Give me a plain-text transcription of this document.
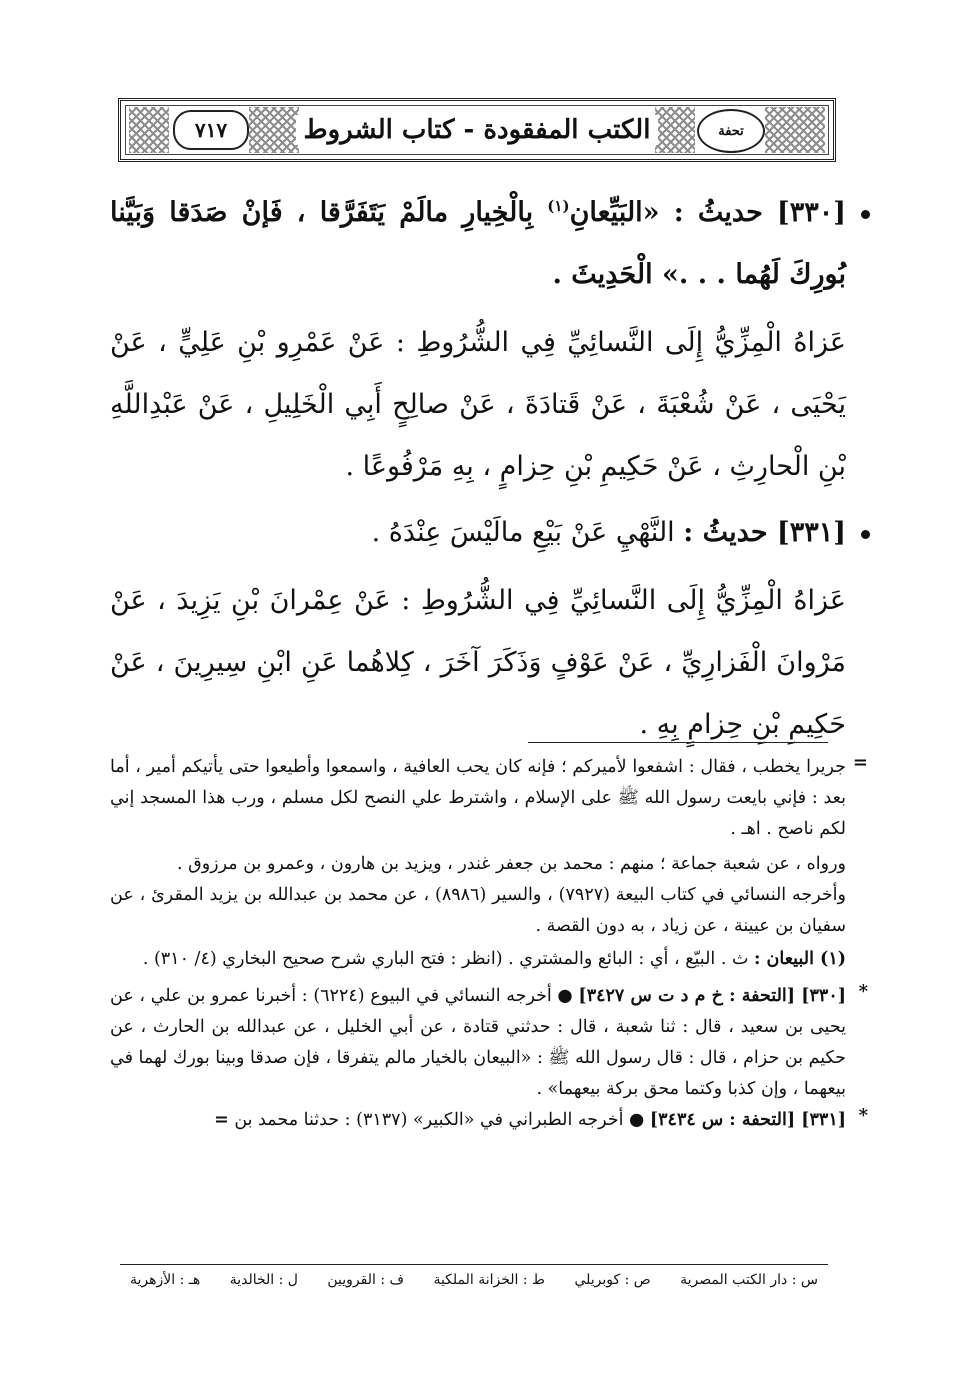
تحفة
الكتب المفقودة - كتاب الشروط
٧١٧

[٣٣٠] حديثُ : «البَيِّعانِ$^{(١)}$ بِالْخِيارِ مالَمْ يَتَفَرَّقا ، فَإنْ صَدَقا وَبَيَّنا بُورِكَ لَهُما . . .» الْحَدِيثَ .

عَزاهُ الْمِزِّيُّ إِلَى النَّسائِيِّ فِي الشُّرُوطِ : عَنْ عَمْرِو بْنِ عَلِيٍّ ، عَنْ يَحْيَى ، عَنْ شُعْبَةَ ، عَنْ قَتادَةَ ، عَنْ صالِحٍ أَبِي الْخَلِيلِ ، عَنْ عَبْدِاللَّهِ بْنِ الْحارِثِ ، عَنْ حَكِيمِ بْنِ حِزامٍ ، بِهِ مَرْفُوعًا .

[٣٣١] حديثُ : النَّهْيِ عَنْ بَيْعِ مالَيْسَ عِنْدَهُ .

عَزاهُ الْمِزِّيُّ إِلَى النَّسائِيِّ فِي الشُّرُوطِ : عَنْ عِمْرانَ بْنِ يَزِيدَ ، عَنْ مَرْوانَ الْفَزارِيِّ ، عَنْ عَوْفٍ وَذَكَرَ آخَرَ ، كِلاهُما عَنِ ابْنِ سِيرِينَ ، عَنْ حَكِيمِ بْنِ حِزامٍ بِهِ .

=

جريرا يخطب ، فقال : اشفعوا لأميركم ؛ فإنه كان يحب العافية ، واسمعوا وأطيعوا حتى يأتيكم أمير ، أما بعد : فإني بايعت رسول الله ﷺ على الإسلام ، واشترط علي النصح لكل مسلم ، ورب هذا المسجد إني لكم ناصح . اهـ .

ورواه ، عن شعبة جماعة ؛ منهم : محمد بن جعفر غندر ، ويزيد بن هارون ، وعمرو بن مرزوق .

وأخرجه النسائي في كتاب البيعة (٧٩٢٧) ، والسير (٨٩٨٦) ، عن محمد بن عبدالله بن يزيد المقرئ ، عن سفيان بن عيينة ، عن زياد ، به دون القصة .

(١) البيعان : ث . البيّع ، أي : البائع والمشتري . (انظر : فتح الباري شرح صحيح البخاري (٤/ ٣١٠) .

*

[٣٣٠] [التحفة : خ م د ت س ٣٤٢٧] ● أخرجه النسائي في البيوع (٦٢٢٤) : أخبرنا عمرو بن علي ، عن يحيى بن سعيد ، قال : ثنا شعبة ، قال : حدثني قتادة ، عن أبي الخليل ، عن عبدالله بن الحارث ، عن حكيم بن حزام ، قال : قال رسول الله ﷺ : «البيعان بالخيار مالم يتفرقا ، فإن صدقا وبينا بورك لهما في بيعهما ، وإن كذبا وكتما محق بركة بيعهما» .

*

[٣٣١] [التحفة : س ٣٤٣٤] ● أخرجه الطبراني في «الكبير» (٣١٣٧) : حدثنا محمد بن =

س : دار الكتب المصرية
ص : كوبريلي
ط : الخزانة الملكية
ف : القرويين
ل : الخالدية
هـ : الأزهرية
